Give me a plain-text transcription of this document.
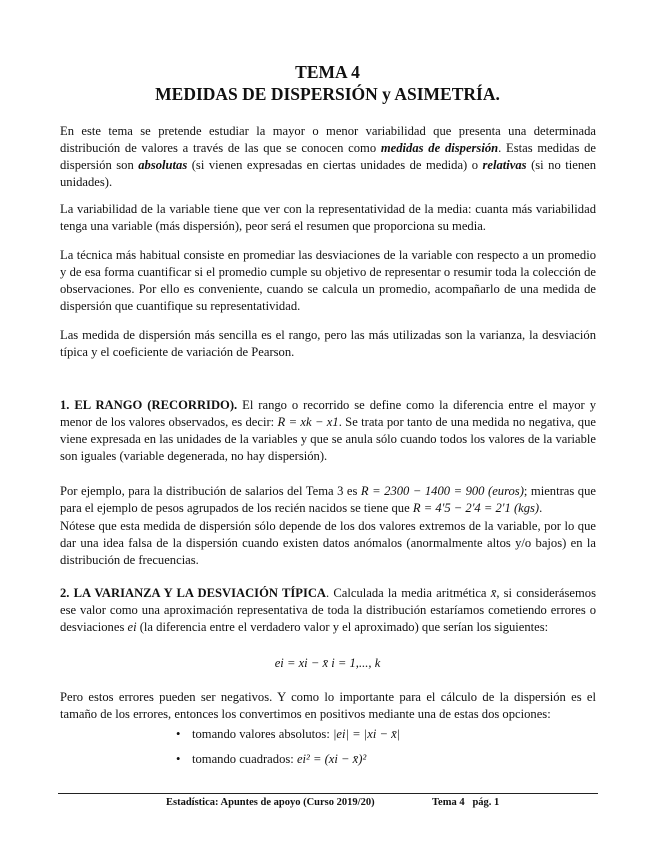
TEMA 4
MEDIDAS DE DISPERSIÓN y ASIMETRÍA.
En este tema se pretende estudiar la mayor o menor variabilidad que presenta una determinada distribución de valores a través de las que se conocen como medidas de dispersión. Estas medidas de dispersión son absolutas (si vienen expresadas en ciertas unidades de medida) o relativas (si no tienen unidades).
La variabilidad de la variable tiene que ver con la representatividad de la media: cuanta más variabilidad tenga una variable (más dispersión), peor será el resumen que proporciona su media.
La técnica más habitual consiste en promediar las desviaciones de la variable con respecto a un promedio y de esa forma cuantificar si el promedio cumple su objetivo de representar o resumir toda la colección de observaciones. Por ello es conveniente, cuando se calcula un promedio, acompañarlo de una medida de dispersión que cuantifique su representatividad.
Las medida de dispersión más sencilla es el rango, pero las más utilizadas son la varianza, la desviación típica y el coeficiente de variación de Pearson.
1. EL RANGO (RECORRIDO). El rango o recorrido se define como la diferencia entre el mayor y menor de los valores observados, es decir: R = xk − x1. Se trata por tanto de una medida no negativa, que viene expresada en las unidades de la variables y que se anula sólo cuando todos los valores de la variable son iguales (variable degenerada, no hay dispersión).
Por ejemplo, para la distribución de salarios del Tema 3 es R = 2300 − 1400 = 900 (euros); mientras que para el ejemplo de pesos agrupados de los recién nacidos se tiene que R = 4'5 − 2'4 = 2'1 (kgs).
Nótese que esta medida de dispersión sólo depende de los dos valores extremos de la variable, por lo que dar una idea falsa de la dispersión cuando existen datos anómalos (anormalmente altos y/o bajos) en la distribución de frecuencias.
2. LA VARIANZA Y LA DESVIACIÓN TÍPICA. Calculada la media aritmética x̄, si considerásemos ese valor como una aproximación representativa de toda la distribución estaríamos cometiendo errores o desviaciones ei (la diferencia entre el verdadero valor y el aproximado) que serían los siguientes:
ei = xi − x̄ i = 1,..., k
Pero estos errores pueden ser negativos. Y como lo importante para el cálculo de la dispersión es el tamaño de los errores, entonces los convertimos en positivos mediante una de estas dos opciones:
• tomando valores absolutos: |ei| = |xi − x̄|
• tomando cuadrados: ei² = (xi − x̄)²
Estadística: Apuntes de apoyo (Curso 2019/20)	Tema 4   pág. 1
